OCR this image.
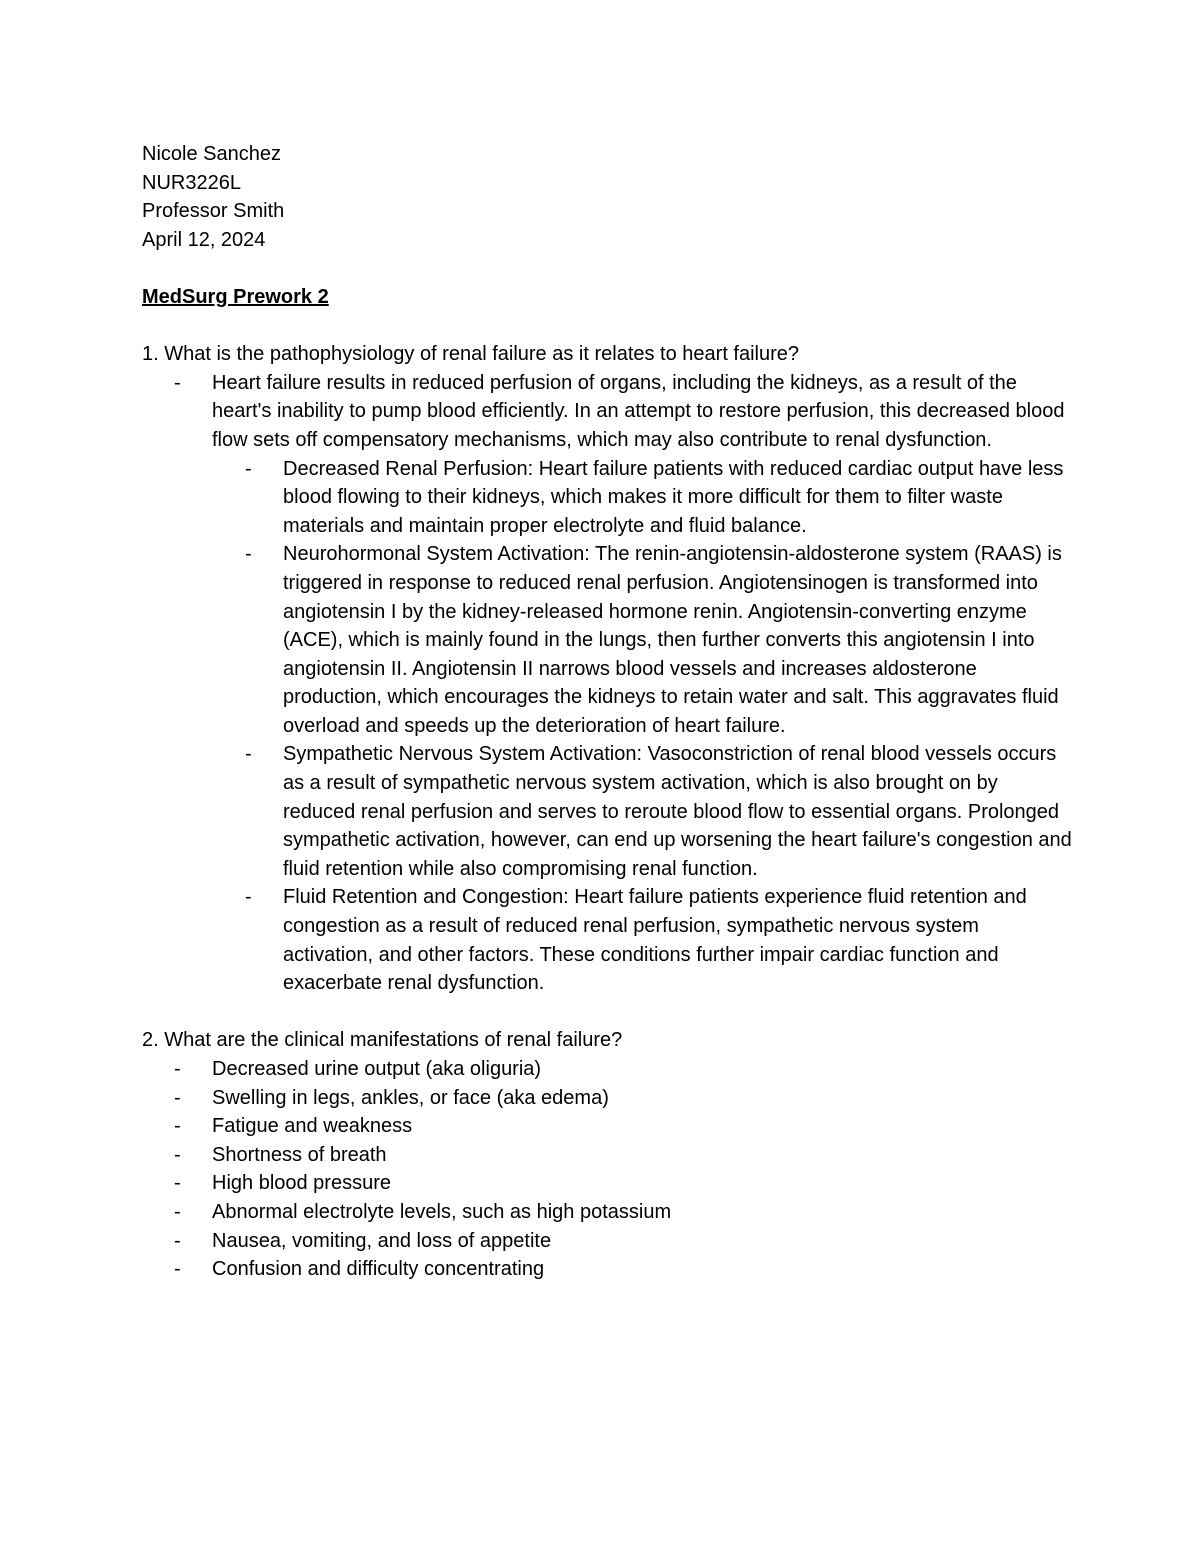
Nicole Sanchez
NUR3226L
Professor Smith
April 12, 2024
MedSurg Prework 2
1. What is the pathophysiology of renal failure as it relates to heart failure?
- Heart failure results in reduced perfusion of organs, including the kidneys, as a result of the heart's inability to pump blood efficiently. In an attempt to restore perfusion, this decreased blood flow sets off compensatory mechanisms, which may also contribute to renal dysfunction.
- Decreased Renal Perfusion: Heart failure patients with reduced cardiac output have less blood flowing to their kidneys, which makes it more difficult for them to filter waste materials and maintain proper electrolyte and fluid balance.
- Neurohormonal System Activation: The renin-angiotensin-aldosterone system (RAAS) is triggered in response to reduced renal perfusion. Angiotensinogen is transformed into angiotensin I by the kidney-released hormone renin. Angiotensin-converting enzyme (ACE), which is mainly found in the lungs, then further converts this angiotensin I into angiotensin II. Angiotensin II narrows blood vessels and increases aldosterone production, which encourages the kidneys to retain water and salt. This aggravates fluid overload and speeds up the deterioration of heart failure.
- Sympathetic Nervous System Activation: Vasoconstriction of renal blood vessels occurs as a result of sympathetic nervous system activation, which is also brought on by reduced renal perfusion and serves to reroute blood flow to essential organs. Prolonged sympathetic activation, however, can end up worsening the heart failure's congestion and fluid retention while also compromising renal function.
- Fluid Retention and Congestion: Heart failure patients experience fluid retention and congestion as a result of reduced renal perfusion, sympathetic nervous system activation, and other factors. These conditions further impair cardiac function and exacerbate renal dysfunction.
2. What are the clinical manifestations of renal failure?
- Decreased urine output (aka oliguria)
- Swelling in legs, ankles, or face (aka edema)
- Fatigue and weakness
- Shortness of breath
- High blood pressure
- Abnormal electrolyte levels, such as high potassium
- Nausea, vomiting, and loss of appetite
- Confusion and difficulty concentrating
